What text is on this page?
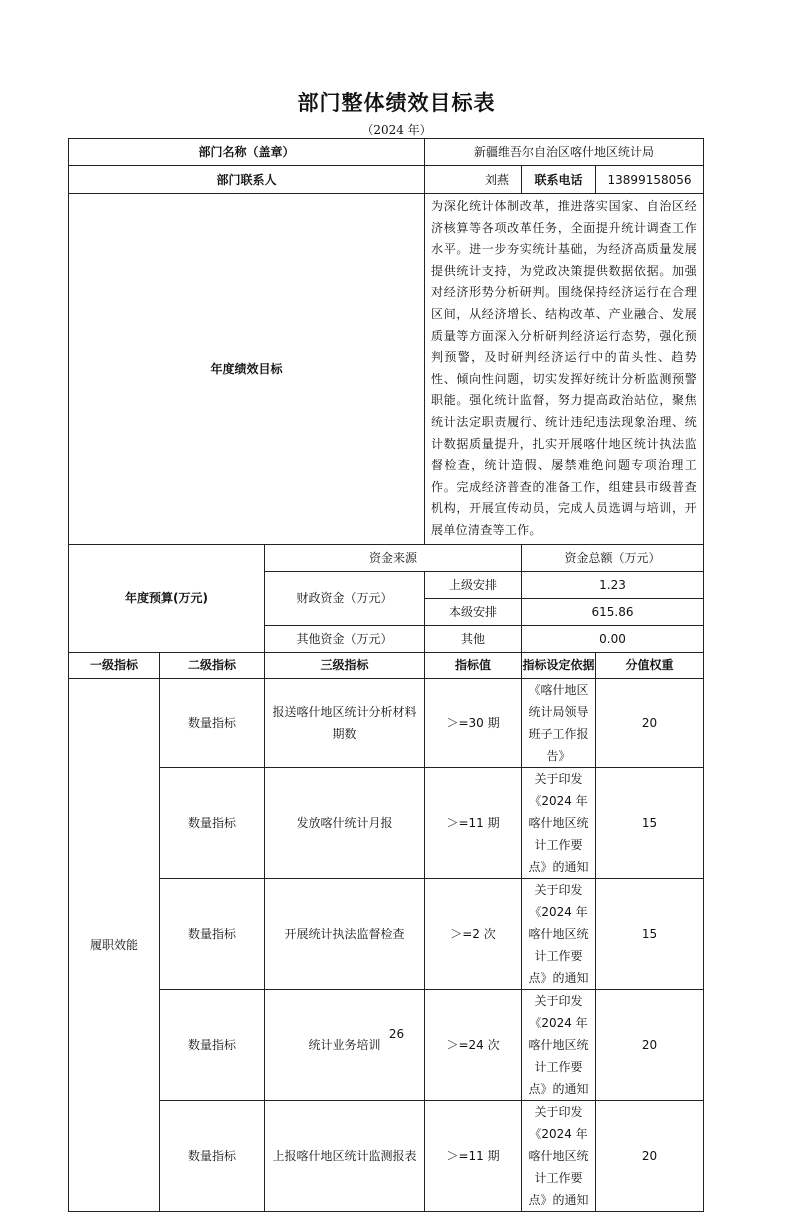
部门整体绩效目标表
（2024 年）
部门名称（盖章）			新疆维吾尔自治区喀什地区统计局		
部门联系人			刘燕	联系电话	13899158056
年度绩效目标			为深化统计体制改革，推进落实国家、自治区经济核算等各项改革任务，全面提升统计调查工作水平。进一步夯实统计基础，为经济高质量发展提供统计支持，为党政决策提供数据依据。加强对经济形势分析研判。围绕保持经济运行在合理区间，从经济增长、结构改革、产业融合、发展质量等方面深入分析研判经济运行态势，强化预判预警，及时研判经济运行中的苗头性、趋势性、倾向性问题，切实发挥好统计分析监测预警职能。强化统计监督，努力提高政治站位，聚焦统计法定职责履行、统计违纪违法现象治理、统计数据质量提升，扎实开展喀什地区统计执法监督检查，统计造假、屡禁难绝问题专项治理工作。完成经济普查的准备工作，组建县市级普查机构，开展宣传动员，完成人员选调与培训，开展单位清查等工作。		
年度预算(万元)		资金来源		资金总额（万元）	
		财政资金（万元）	上级安排	1.23	
			本级安排	615.86	
		其他资金（万元）	其他	0.00	
一级指标	二级指标	三级指标	指标值	指标设定依据	分值权重
履职效能	数量指标	报送喀什地区统计分析材料期数	＞=30 期	《喀什地区统计局领导班子工作报告》	20
	数量指标	发放喀什统计月报	＞=11 期	关于印发《2024 年喀什地区统计工作要点》的通知	15
	数量指标	开展统计执法监督检查	＞=2 次	关于印发《2024 年喀什地区统计工作要点》的通知	15
	数量指标	统计业务培训	＞=24 次	关于印发《2024 年喀什地区统计工作要点》的通知	20
	数量指标	上报喀什地区统计监测报表	＞=11 期	关于印发《2024 年喀什地区统计工作要点》的通知	20
26
